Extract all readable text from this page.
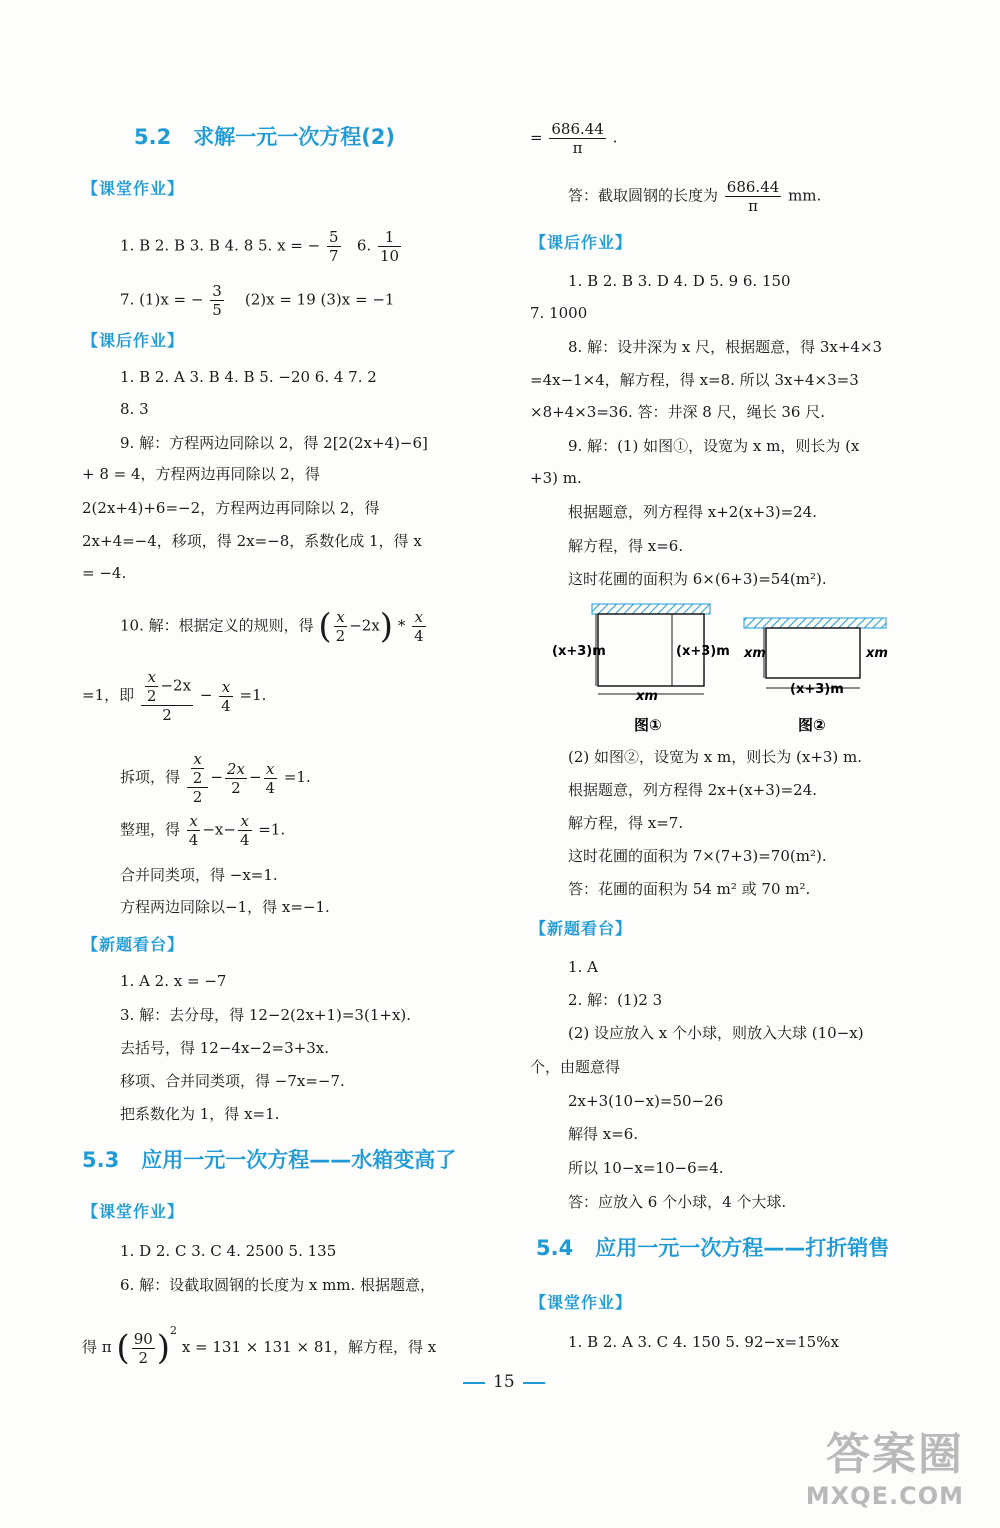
5.2 求解一元一次方程(2)
【课堂作业】
1. B 2. B 3. B 4. 8 5. x = − $\frac{5}{7} 6$. $\frac{1}{10}$
7. (1)x = − $\frac{3}{5} (2)x = 19$ (3)x = −1
【课后作业】
1. B 2. A 3. B 4. B 5. −20 6. 4 7. 2
8. 3
9. 解：方程两边同除以 2，得 2[2(2x+4)−6]
+ 8 = 4，方程两边再同除以 2，得
2(2x+4)+6=−2，方程两边再同除以 2，得
2x+4=−4，移项，得 2x=−8，系数化成 1，得 x
= −4.
10. 解：根据定义的规则，得 ( $\frac{x}{2} -2x) * \frac{x}{4}$
=1，即 $\frac{\frac{x}{2} -2x}{2} - \frac{x}{4} =1$.
拆项，得 $\frac{\frac{x}{2}}{2} - \frac{2x}{2} - \frac{x}{4} =1$.
整理，得 $\frac{x}{4} -x- \frac{x}{4} =1$.
合并同类项，得 −x=1.
方程两边同除以−1，得 x=−1.
【新题看台】
1. A 2. x = −7
3. 解：去分母，得 12−2(2x+1)=3(1+x).
去括号，得 12−4x−2=3+3x.
移项、合并同类项，得 −7x=−7.
把系数化为 1，得 x=1.
5.3 应用一元一次方程——水箱变高了
【课堂作业】
1. D 2. C 3. C 4. 2500 5. 135
6. 解：设截取圆钢的长度为 x mm. 根据题意，
得 π ( $\frac{90}{2} )^2$ x = 131 × 131 × 81，解方程，得 x
= $\frac{686.44}{\pi}$ .
答：截取圆钢的长度为 $\frac{686.44}{\pi}$ mm.
【课后作业】
1. B 2. B 3. D 4. D 5. 9 6. 150
7. 1000
8. 解：设井深为 x 尺，根据题意，得 3x+4×3
=4x−1×4，解方程，得 x=8. 所以 3x+4×3=3
×8+4×3=36. 答：井深 8 尺，绳长 36 尺.
9. 解：(1) 如图①，设宽为 x m，则长为 (x
+3) m.
根据题意，列方程得 x+2(x+3)=24.
解方程，得 x=6.
这时花圃的面积为 6×(6+3)=54(m²).
(x+3)m	(x+3)m
xm
图①
xm	xm
(x+3)m
图②
(2) 如图②，设宽为 x m，则长为 (x+3) m.
根据题意，列方程得 2x+(x+3)=24.
解方程，得 x=7.
这时花圃的面积为 7×(7+3)=70(m²).
答：花圃的面积为 54 m² 或 70 m².
【新题看台】
1. A
2. 解：(1)2 3
(2) 设应放入 x 个小球，则放入大球 (10−x)
个，由题意得
2x+3(10−x)=50−26
解得 x=6.
所以 10−x=10−6=4.
答：应放入 6 个小球，4 个大球.
5.4 应用一元一次方程——打折销售
【课堂作业】
1. B 2. A 3. C 4. 150 5. 92−x=15%x
15
答案圈
MXQE.COM
